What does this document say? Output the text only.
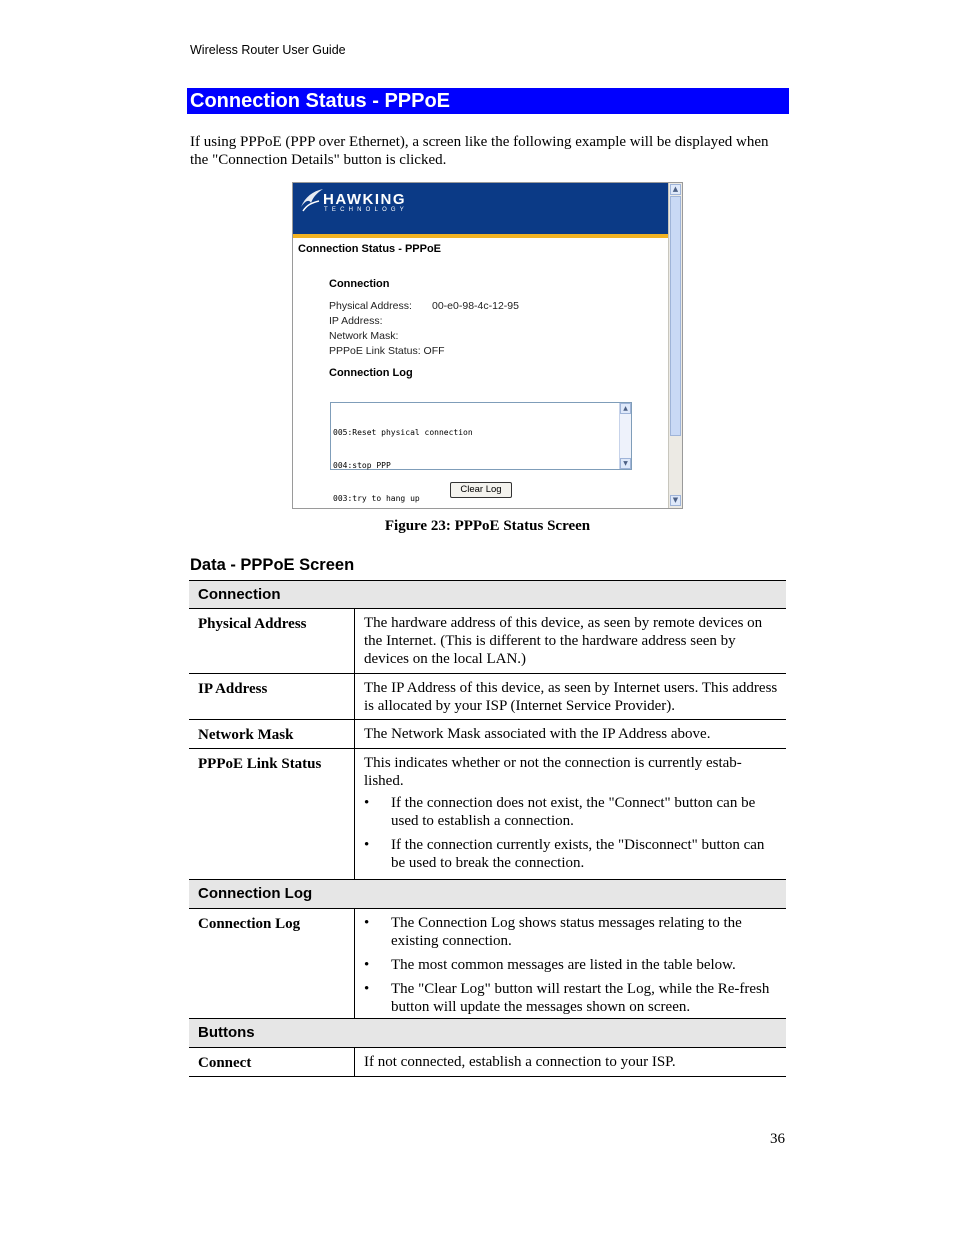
Wireless Router User Guide
Connection Status - PPPoE

If using PPPoE (PPP over Ethernet), a screen like the following example will be displayed when the "Connection Details" button is clicked.

HAWKING
TECHNOLOGY
▲
▼
Connection Status - PPPoE
Connection
Physical Address: 00-e0-98-4c-12-95
IP Address:
Network Mask:
PPPoE Link Status: OFF
Connection Log

005:Reset physical connection

004:stop PPP

003:try to hang up

▲
▼
Clear Log
Figure 23: PPPoE Status Screen
Data - PPPoE Screen
Connection
Physical Address	The hardware address of this device, as seen by remote devices on the Internet. (This is different to the hardware address seen by devices on the local LAN.)
IP Address	The IP Address of this device, as seen by Internet users. This address is allocated by your ISP (Internet Service Provider).
Network Mask	The Network Mask associated with the IP Address above.
PPPoE Link Status	This indicates whether or not the connection is currently estab-lished.
• If the connection does not exist, the "Connect" button can be used to establish a connection.
• If the connection currently exists, the "Disconnect" button can be used to break the connection.
Connection Log
Connection Log	• The Connection Log shows status messages relating to the existing connection.
• The most common messages are listed in the table below.
• The "Clear Log" button will restart the Log, while the Re-fresh button will update the messages shown on screen.
Buttons
Connect	If not connected, establish a connection to your ISP.
36
